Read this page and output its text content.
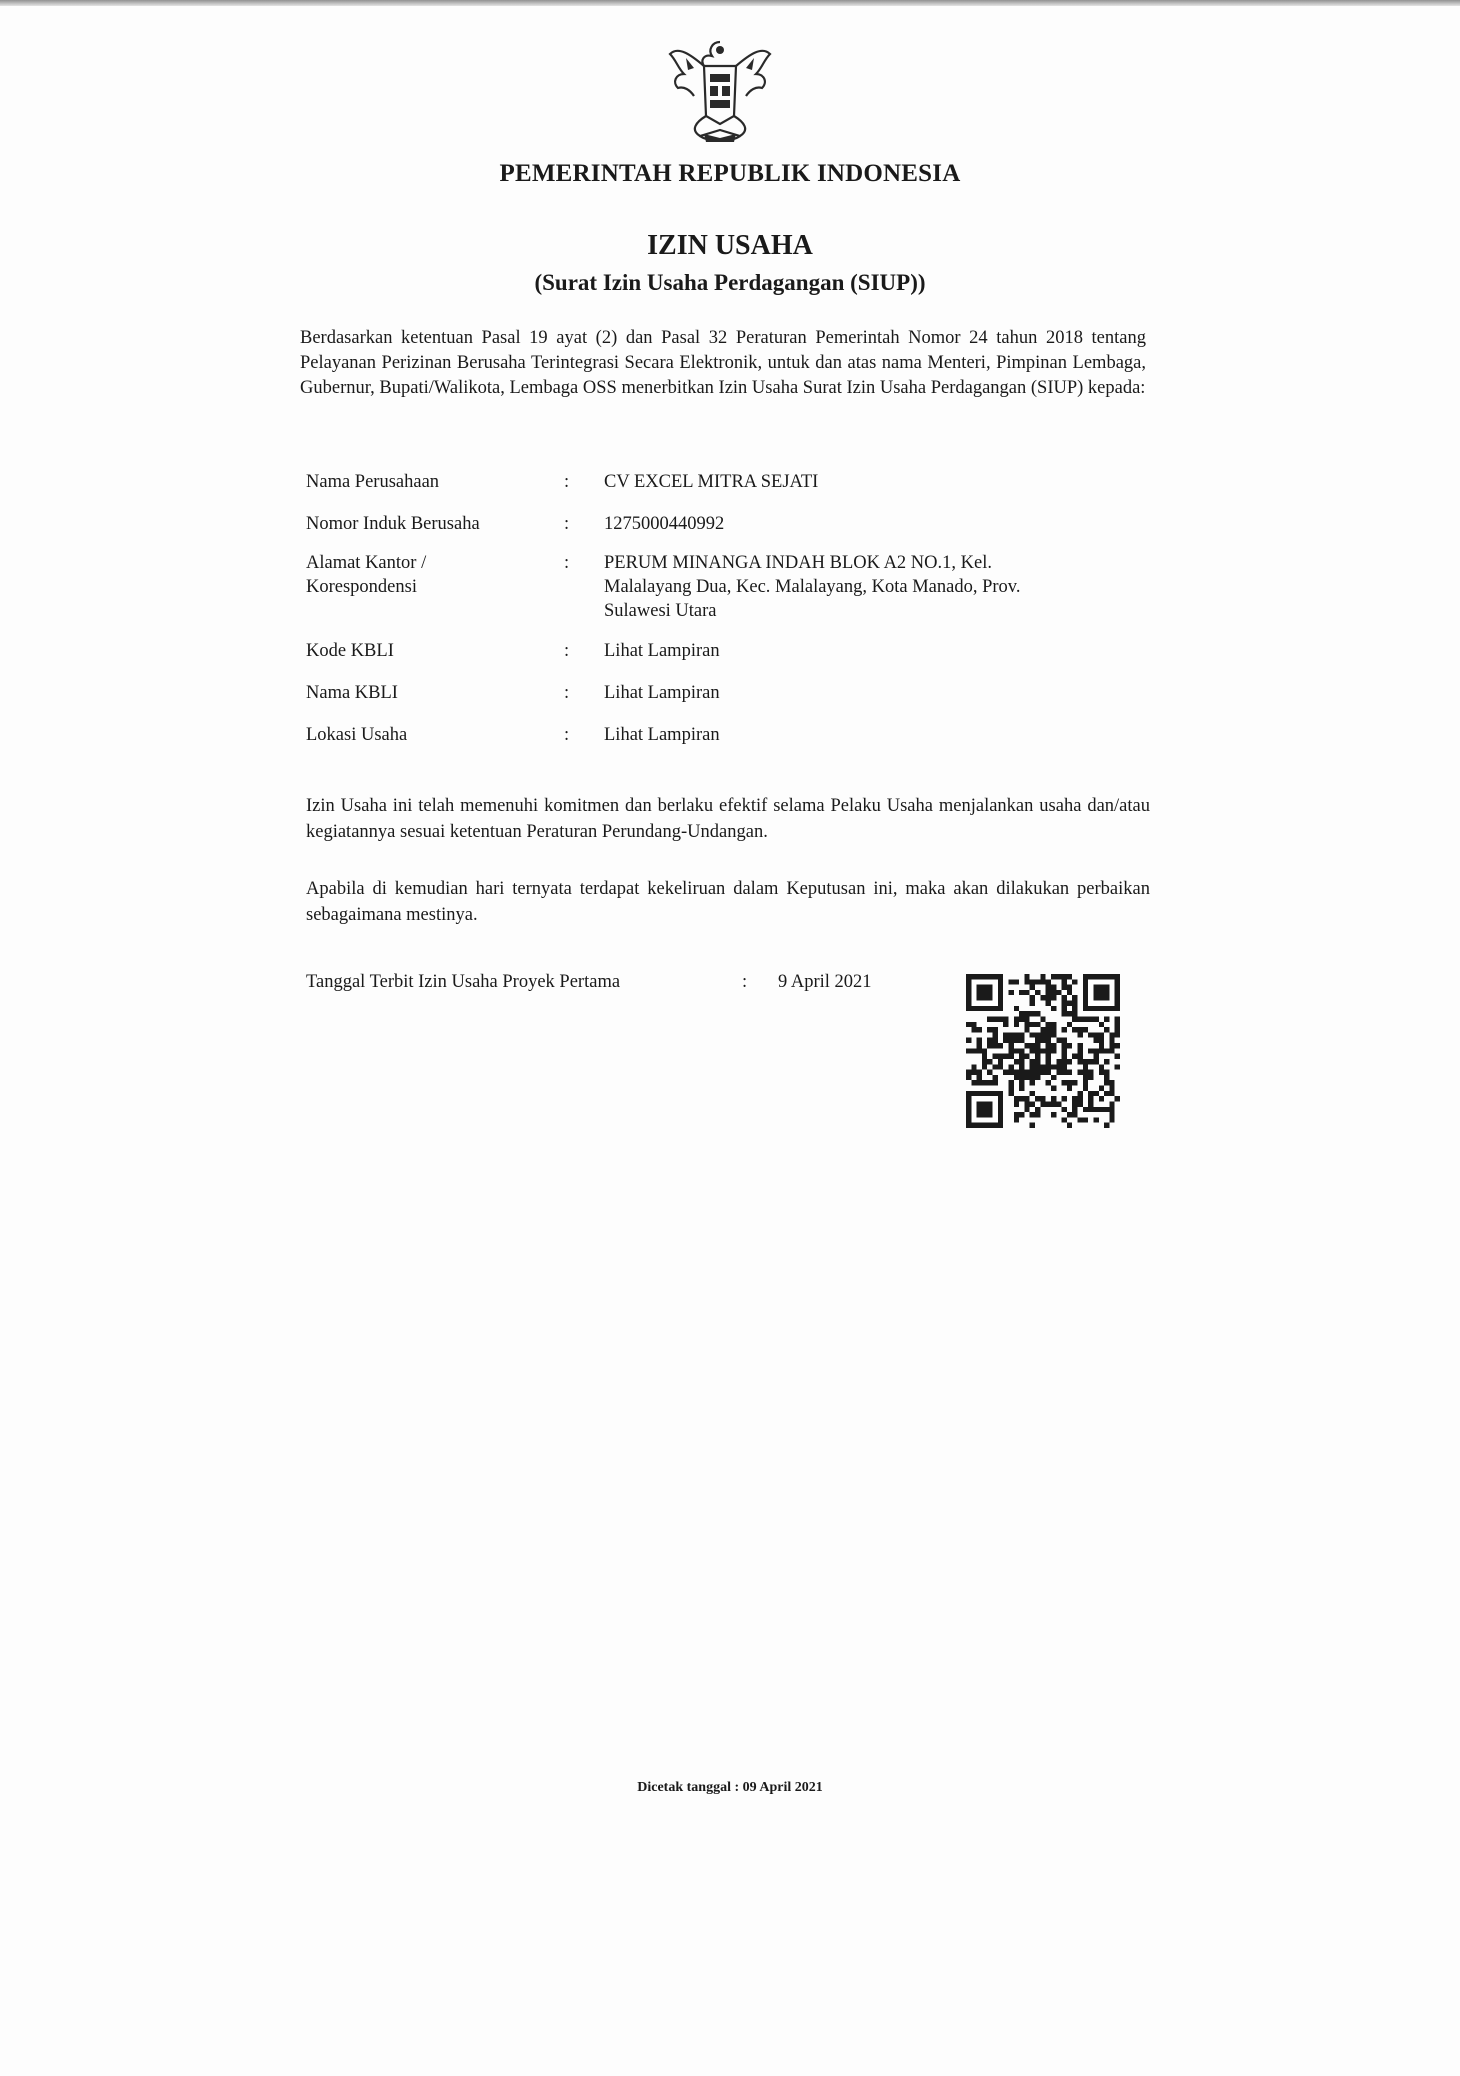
PEMERINTAH REPUBLIK INDONESIA
IZIN USAHA
(Surat Izin Usaha Perdagangan (SIUP))
Berdasarkan ketentuan Pasal 19 ayat (2) dan Pasal 32 Peraturan Pemerintah Nomor 24 tahun 2018 tentang Pelayanan Perizinan Berusaha Terintegrasi Secara Elektronik, untuk dan atas nama Menteri, Pimpinan Lembaga, Gubernur, Bupati/Walikota, Lembaga OSS menerbitkan Izin Usaha Surat Izin Usaha Perdagangan (SIUP) kepada:
Nama Perusahaan	:	CV EXCEL MITRA SEJATI
Nomor Induk Berusaha	:	1275000440992
Alamat Kantor /
Korespondensi
:	PERUM MINANGA INDAH BLOK A2 NO.1, Kel.
Malalayang Dua, Kec. Malalayang, Kota Manado, Prov.
Sulawesi Utara
Kode KBLI	:	Lihat Lampiran
Nama KBLI	:	Lihat Lampiran
Lokasi Usaha	:	Lihat Lampiran
Izin Usaha ini telah memenuhi komitmen dan berlaku efektif selama Pelaku Usaha menjalankan usaha dan/atau kegiatannya sesuai ketentuan Peraturan Perundang-Undangan.
Apabila di kemudian hari ternyata terdapat kekeliruan dalam Keputusan ini, maka akan dilakukan perbaikan sebagaimana mestinya.
Tanggal Terbit Izin Usaha Proyek Pertama	:	9 April 2021
Dicetak tanggal : 09 April 2021
